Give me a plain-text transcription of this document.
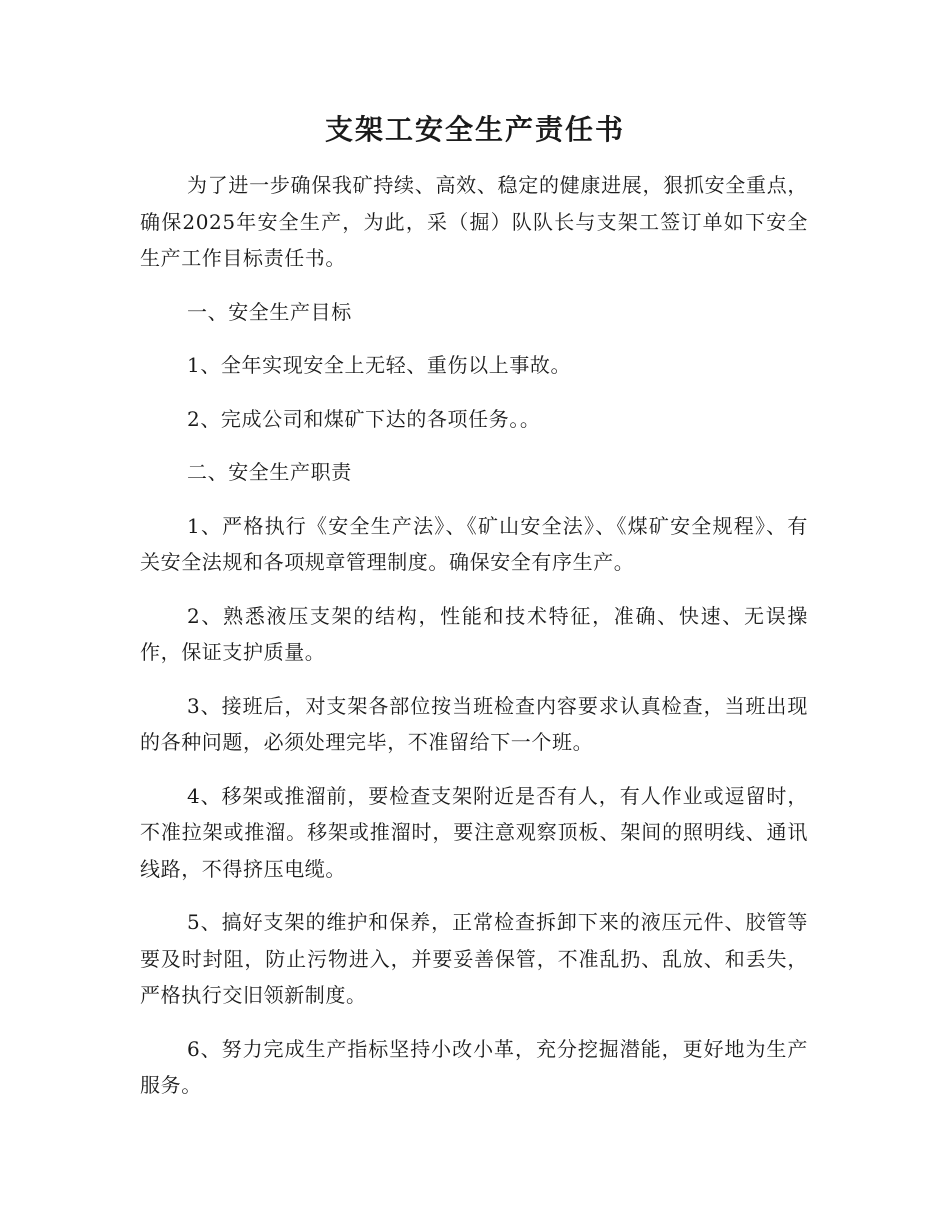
支架工安全生产责任书

为了进一步确保我矿持续、高效、稳定的健康进展，狠抓安全重点，确保2025年安全生产，为此，采（掘）队队长与支架工签订单如下安全生产工作目标责任书。

一、安全生产目标

1、全年实现安全上无轻、重伤以上事故。

2、完成公司和煤矿下达的各项任务。。

二、安全生产职责

1、严格执行《安全生产法》、《矿山安全法》、《煤矿安全规程》、有关安全法规和各项规章管理制度。确保安全有序生产。

2、熟悉液压支架的结构，性能和技术特征，准确、快速、无误操作，保证支护质量。

3、接班后，对支架各部位按当班检查内容要求认真检查，当班出现的各种问题，必须处理完毕，不准留给下一个班。

4、移架或推溜前，要检查支架附近是否有人，有人作业或逗留时，不准拉架或推溜。移架或推溜时，要注意观察顶板、架间的照明线、通讯线路，不得挤压电缆。

5、搞好支架的维护和保养，正常检查拆卸下来的液压元件、胶管等要及时封阻，防止污物进入，并要妥善保管，不准乱扔、乱放、和丢失，严格执行交旧领新制度。

6、努力完成生产指标坚持小改小革，充分挖掘潜能，更好地为生产服务。
